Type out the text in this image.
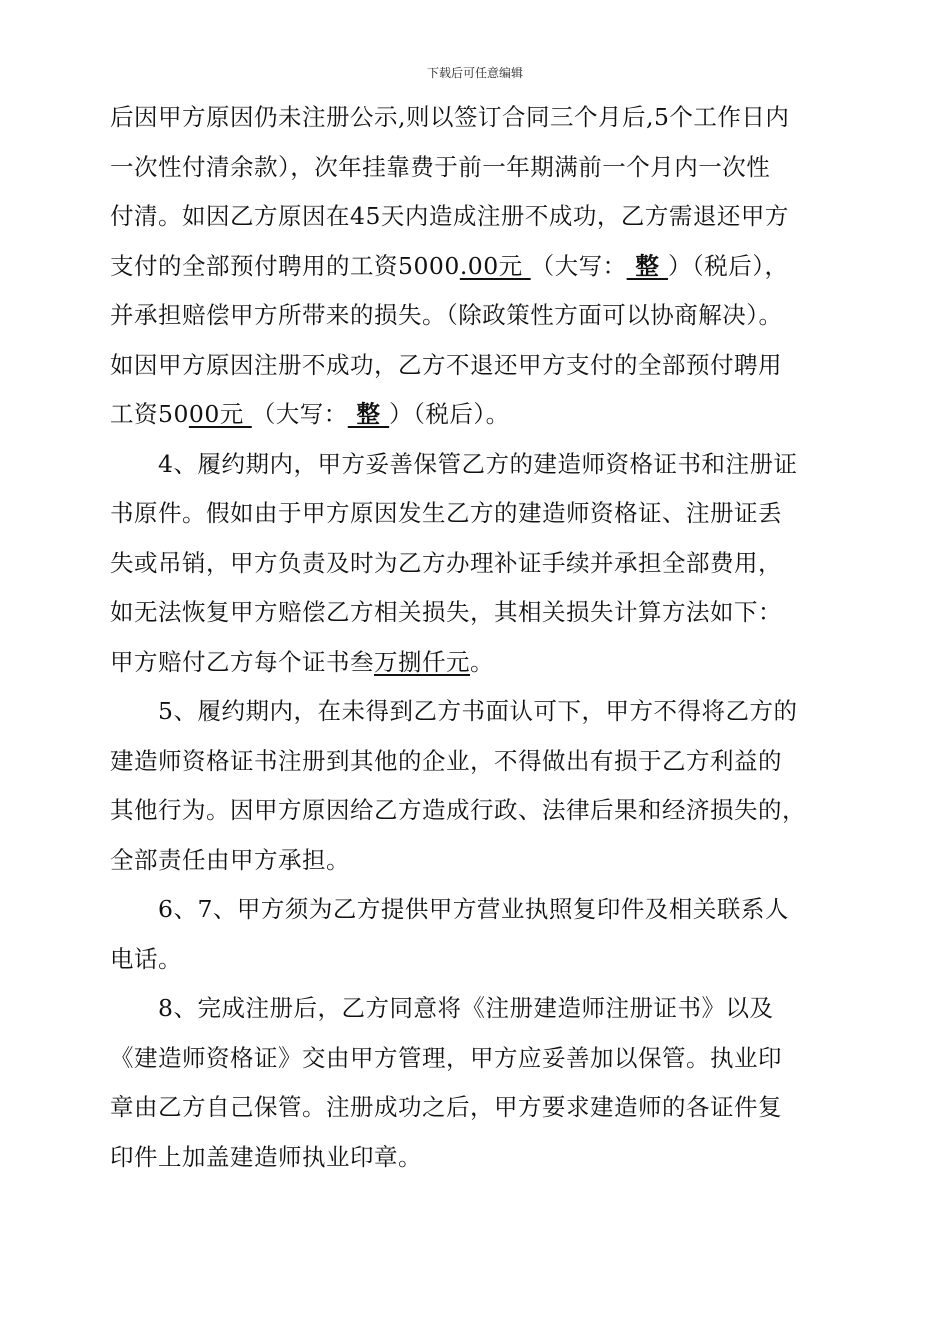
下载后可任意编辑
后因甲方原因仍未注册公示,则以签订合同三个月后,5个工作日内
一次性付清余款），次年挂靠费于前一年期满前一个月内一次性
付清。如因乙方原因在45天内造成注册不成功，乙方需退还甲方
支付的全部预付聘用的工资5000.00元 （大写： 整 ）（税后），
并承担赔偿甲方所带来的损失。（除政策性方面可以协商解决）。
如因甲方原因注册不成功，乙方不退还甲方支付的全部预付聘用
工资5000元 （大写： 整 ）（税后）。
4、履约期内，甲方妥善保管乙方的建造师资格证书和注册证
书原件。假如由于甲方原因发生乙方的建造师资格证、注册证丢
失或吊销，甲方负责及时为乙方办理补证手续并承担全部费用，
如无法恢复甲方赔偿乙方相关损失，其相关损失计算方法如下：
甲方赔付乙方每个证书叁万捌仟元。
5、履约期内，在未得到乙方书面认可下，甲方不得将乙方的
建造师资格证书注册到其他的企业，不得做出有损于乙方利益的
其他行为。因甲方原因给乙方造成行政、法律后果和经济损失的，
全部责任由甲方承担。
6、7、甲方须为乙方提供甲方营业执照复印件及相关联系人
电话。
8、完成注册后，乙方同意将《注册建造师注册证书》以及
《建造师资格证》交由甲方管理，甲方应妥善加以保管。执业印
章由乙方自己保管。注册成功之后，甲方要求建造师的各证件复
印件上加盖建造师执业印章。
